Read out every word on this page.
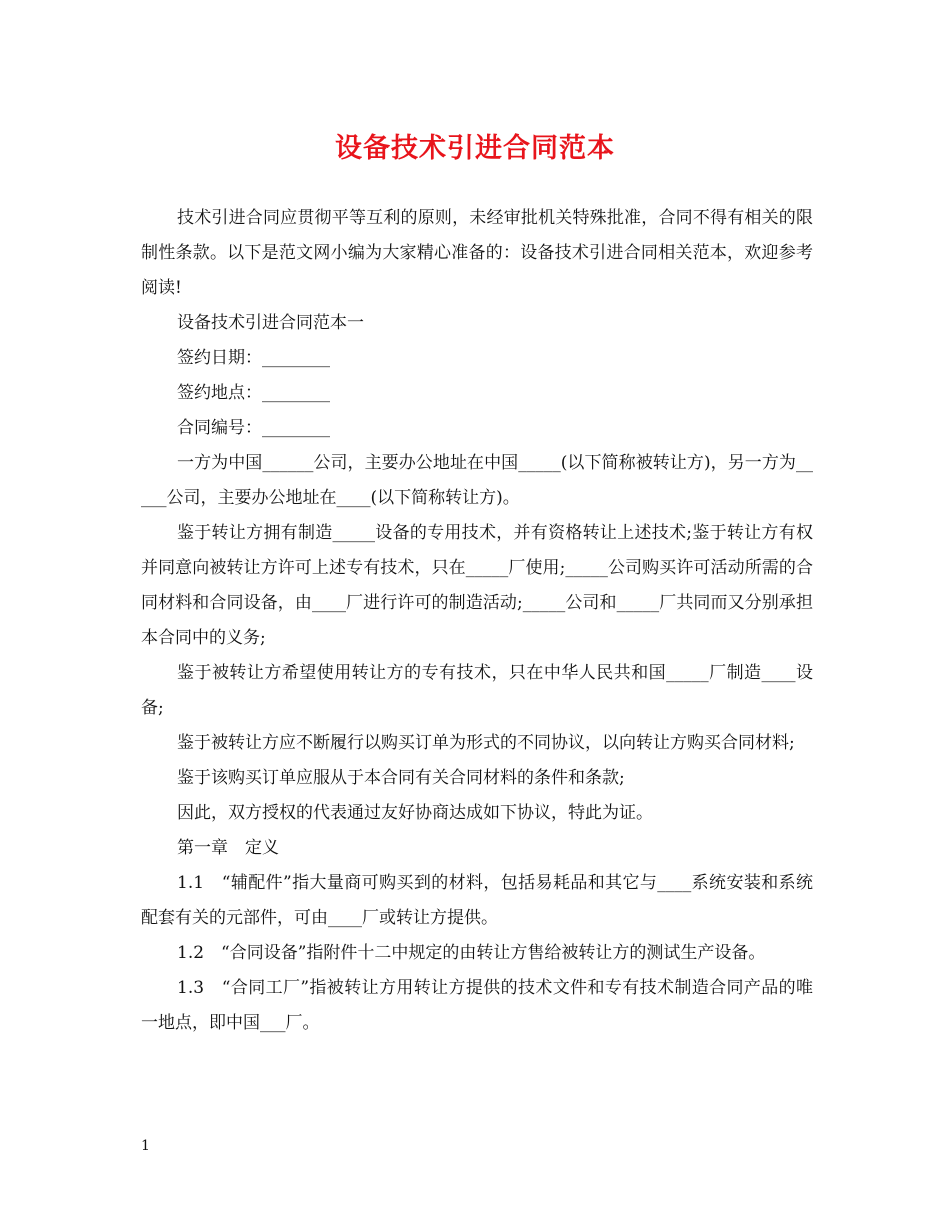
设备技术引进合同范本

技术引进合同应贯彻平等互利的原则，未经审批机关特殊批准，合同不得有相关的限制性条款。以下是范文网小编为大家精心准备的：设备技术引进合同相关范本，欢迎参考阅读!

设备技术引进合同范本一

签约日期：________

签约地点：________

合同编号：________

一方为中国______公司，主要办公地址在中国_____(以下简称被转让方)，另一方为_____公司，主要办公地址在____(以下简称转让方)。

鉴于转让方拥有制造_____设备的专用技术，并有资格转让上述技术;鉴于转让方有权并同意向被转让方许可上述专有技术，只在_____厂使用;_____公司购买许可活动所需的合同材料和合同设备，由____厂进行许可的制造活动;_____公司和_____厂共同而又分别承担本合同中的义务;

鉴于被转让方希望使用转让方的专有技术，只在中华人民共和国_____厂制造____设备;

鉴于被转让方应不断履行以购买订单为形式的不同协议，以向转让方购买合同材料;

鉴于该购买订单应服从于本合同有关合同材料的条件和条款;

因此，双方授权的代表通过友好协商达成如下协议，特此为证。

第一章　定义

1.1　“辅配件”指大量商可购买到的材料，包括易耗品和其它与____系统安装和系统配套有关的元部件，可由____厂或转让方提供。

1.2　“合同设备”指附件十二中规定的由转让方售给被转让方的测试生产设备。

1.3　“合同工厂”指被转让方用转让方提供的技术文件和专有技术制造合同产品的唯一地点，即中国___厂。

1
